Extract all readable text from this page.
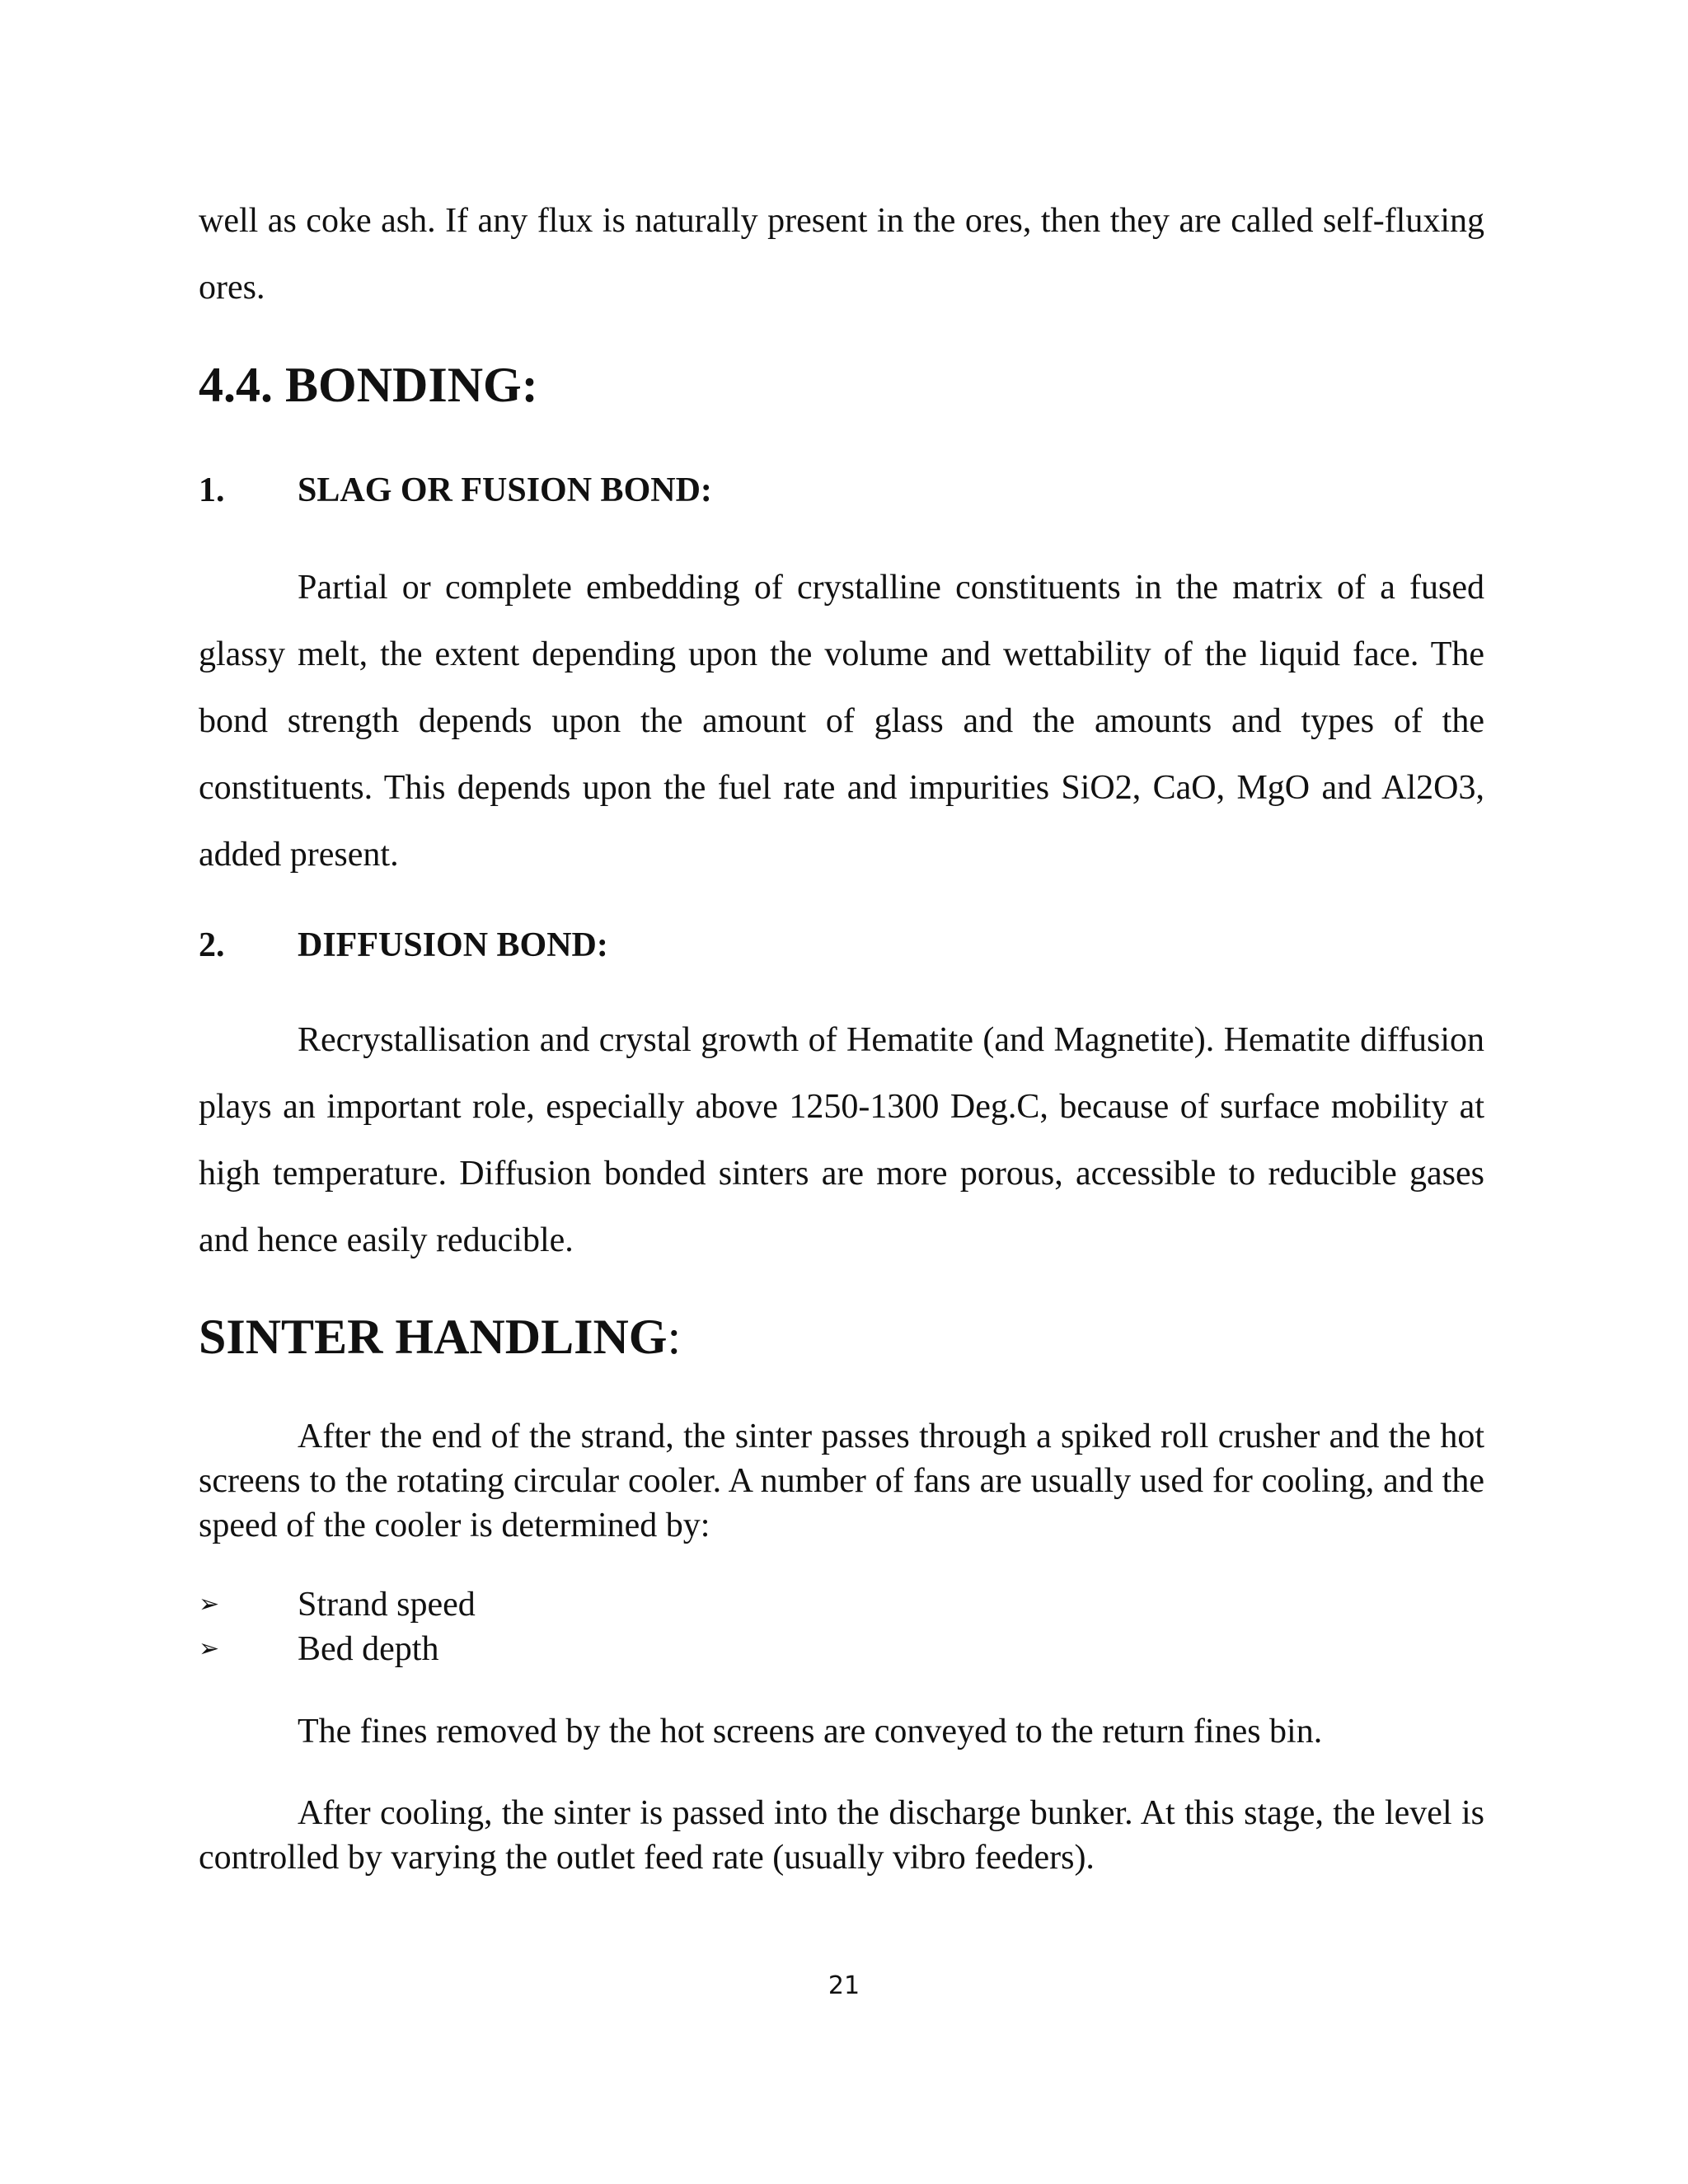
well as coke ash. If any flux is naturally present in the ores, then they are called self-fluxing ores.

4.4. BONDING:
1. SLAG OR FUSION BOND:

Partial or complete embedding of crystalline constituents in the matrix of a fused glassy melt, the extent depending upon the volume and wettability of the liquid face. The bond strength depends upon the amount of glass and the amounts and types of the constituents. This depends upon the fuel rate and impurities SiO2, CaO, MgO and Al2O3, added present.

2. DIFFUSION BOND:

Recrystallisation and crystal growth of Hematite (and Magnetite). Hematite diffusion plays an important role, especially above 1250-1300 Deg.C, because of surface mobility at high temperature. Diffusion bonded sinters are more porous, accessible to reducible gases and hence easily reducible.

SINTER HANDLING:

After the end of the strand, the sinter passes through a spiked roll crusher and the hot screens to the rotating circular cooler. A number of fans are usually used for cooling, and the speed of the cooler is determined by:

➢ Strand speed
➢ Bed depth

The fines removed by the hot screens are conveyed to the return fines bin.

After cooling, the sinter is passed into the discharge bunker. At this stage, the level is controlled by varying the outlet feed rate (usually vibro feeders).

21
